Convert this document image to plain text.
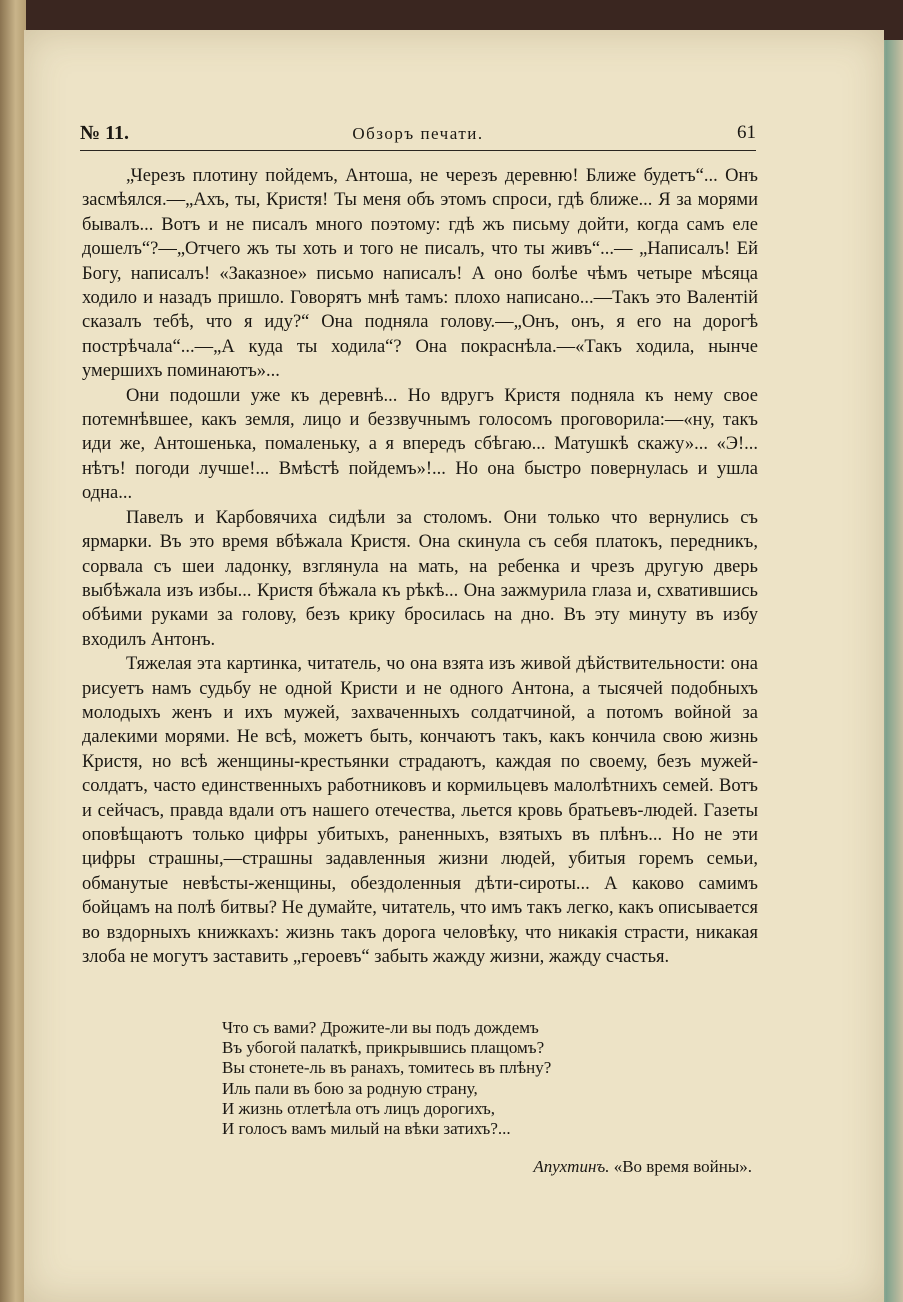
№ 11.	Обзоръ печати.	61

„Черезъ плотину пойдемъ, Антоша, не черезъ деревню! Ближе будетъ“... Онъ засмѣялся.—„Ахъ, ты, Кристя! Ты меня объ этомъ спроси, гдѣ ближе... Я за морями бывалъ... Вотъ и не писалъ много поэтому: гдѣ жъ письму дойти, когда самъ еле дошелъ“?—„Отчего жъ ты хоть и того не писалъ, что ты живъ“...— „Написалъ! Ей Богу, написалъ! «Заказное» письмо написалъ! А оно болѣе чѣмъ четыре мѣсяца ходило и назадъ пришло. Говорятъ мнѣ тамъ: плохо написано...—Такъ это Валентій сказалъ тебѣ, что я иду?“ Она подняла голову.—„Онъ, онъ, я его на дорогѣ пострѣчала“...—„А куда ты ходила“? Она покраснѣла.—«Такъ ходила, нынче умершихъ поминаютъ»...

Они подошли уже къ деревнѣ... Но вдругъ Кристя подняла къ нему свое потемнѣвшее, какъ земля, лицо и беззвучнымъ голосомъ проговорила:—«ну, такъ иди же, Антошенька, помаленьку, а я впередъ сбѣгаю... Матушкѣ скажу»... «Э!... нѣтъ! погоди лучше!... Вмѣстѣ пойдемъ»!... Но она быстро повернулась и ушла одна...

Павелъ и Карбовячиха сидѣли за столомъ. Они только что вернулись съ ярмарки. Въ это время вбѣжала Кристя. Она скинула съ себя платокъ, передникъ, сорвала съ шеи ладонку, взглянула на мать, на ребенка и чрезъ другую дверь выбѣжала изъ избы... Кристя бѣжала къ рѣкѣ... Она зажмурила глаза и, схватившись обѣими руками за голову, безъ крику бросилась на дно. Въ эту минуту въ избу входилъ Антонъ.

Тяжелая эта картинка, читатель, чо она взята изъ живой дѣйствительности: она рисуетъ намъ судьбу не одной Кристи и не одного Антона, а тысячей подобныхъ молодыхъ женъ и ихъ мужей, захваченныхъ солдатчиной, а потомъ войной за далекими морями. Не всѣ, можетъ быть, кончаютъ такъ, какъ кончила свою жизнь Кристя, но всѣ женщины-крестьянки страдаютъ, каждая по своему, безъ мужей-солдатъ, часто единственныхъ работниковъ и кормильцевъ малолѣтнихъ семей. Вотъ и сейчасъ, правда вдали отъ нашего отечества, льется кровь братьевъ-людей. Газеты оповѣщаютъ только цифры убитыхъ, раненныхъ, взятыхъ въ плѣнъ... Но не эти цифры страшны,—страшны задавленныя жизни людей, убитыя горемъ семьи, обманутые невѣсты-женщины, обездоленныя дѣти-сироты... А каково самимъ бойцамъ на полѣ битвы? Не думайте, читатель, что имъ такъ легко, какъ описывается во вздорныхъ книжкахъ: жизнь такъ дорога человѣку, что никакія страсти, никакая злоба не могутъ заставить „героевъ“ забыть жажду жизни, жажду счастья.

Что съ вами? Дрожите-ли вы подъ дождемъ
Въ убогой палаткѣ, прикрывшись плащомъ?
Вы стонете-ль въ ранахъ, томитесь въ плѣну?
Иль пали въ бою за родную страну,
И жизнь отлетѣла отъ лицъ дорогихъ,
И голосъ вамъ милый на вѣки затихъ?...
Апухтинъ. «Во время войны».
